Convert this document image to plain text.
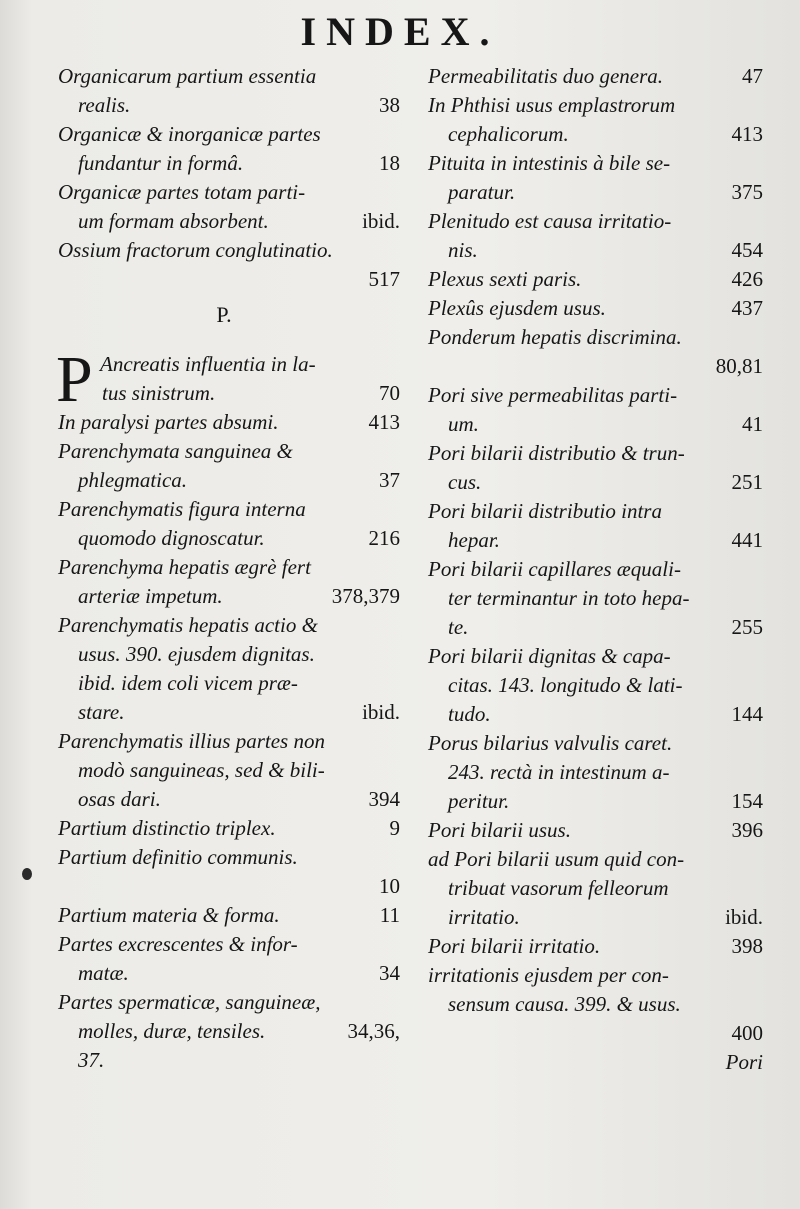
INDEX.
Organicarum partium essentia
realis.	38
Organicæ & inorganicæ partes
fundantur in formâ.	18
Organicæ partes totam parti-
um formam absorbent.	ibid.
Ossium fractorum conglutinatio.
517
P.
P Ancreatis influentia in la-
tus sinistrum.	70
In paralysi partes absumi.	413
Parenchymata sanguinea &
phlegmatica.	37
Parenchymatis figura interna
quomodo dignoscatur.	216
Parenchyma hepatis ægrè fert
arteriæ impetum.	378,379
Parenchymatis hepatis actio &
usus. 390. ejusdem dignitas.
ibid. idem coli vicem præ-
stare.	ibid.
Parenchymatis illius partes non
modò sanguineas, sed & bili-
osas dari.	394
Partium distinctio triplex.	9
Partium definitio communis.
10
Partium materia & forma.	11
Partes excrescentes & infor-
matæ.	34
Partes spermaticæ, sanguineæ,
molles, duræ, tensiles.	34,36,
37.
Permeabilitatis duo genera.	47
In Phthisi usus emplastrorum
cephalicorum.	413
Pituita in intestinis à bile se-
paratur.	375
Plenitudo est causa irritatio-
nis.	454
Plexus sexti paris.	426
Plexûs ejusdem usus.	437
Ponderum hepatis discrimina.
80,81
Pori sive permeabilitas parti-
um.	41
Pori bilarii distributio & trun-
cus.	251
Pori bilarii distributio intra
hepar.	441
Pori bilarii capillares æquali-
ter terminantur in toto hepa-
te.	255
Pori bilarii dignitas & capa-
citas. 143. longitudo & lati-
tudo.	144
Porus bilarius valvulis caret.
243. rectà in intestinum a-
peritur.	154
Pori bilarii usus.	396
ad Pori bilarii usum quid con-
tribuat vasorum felleorum
irritatio.	ibid.
Pori bilarii irritatio.	398
irritationis ejusdem per con-
sensum causa. 399. & usus.
400
Pori
